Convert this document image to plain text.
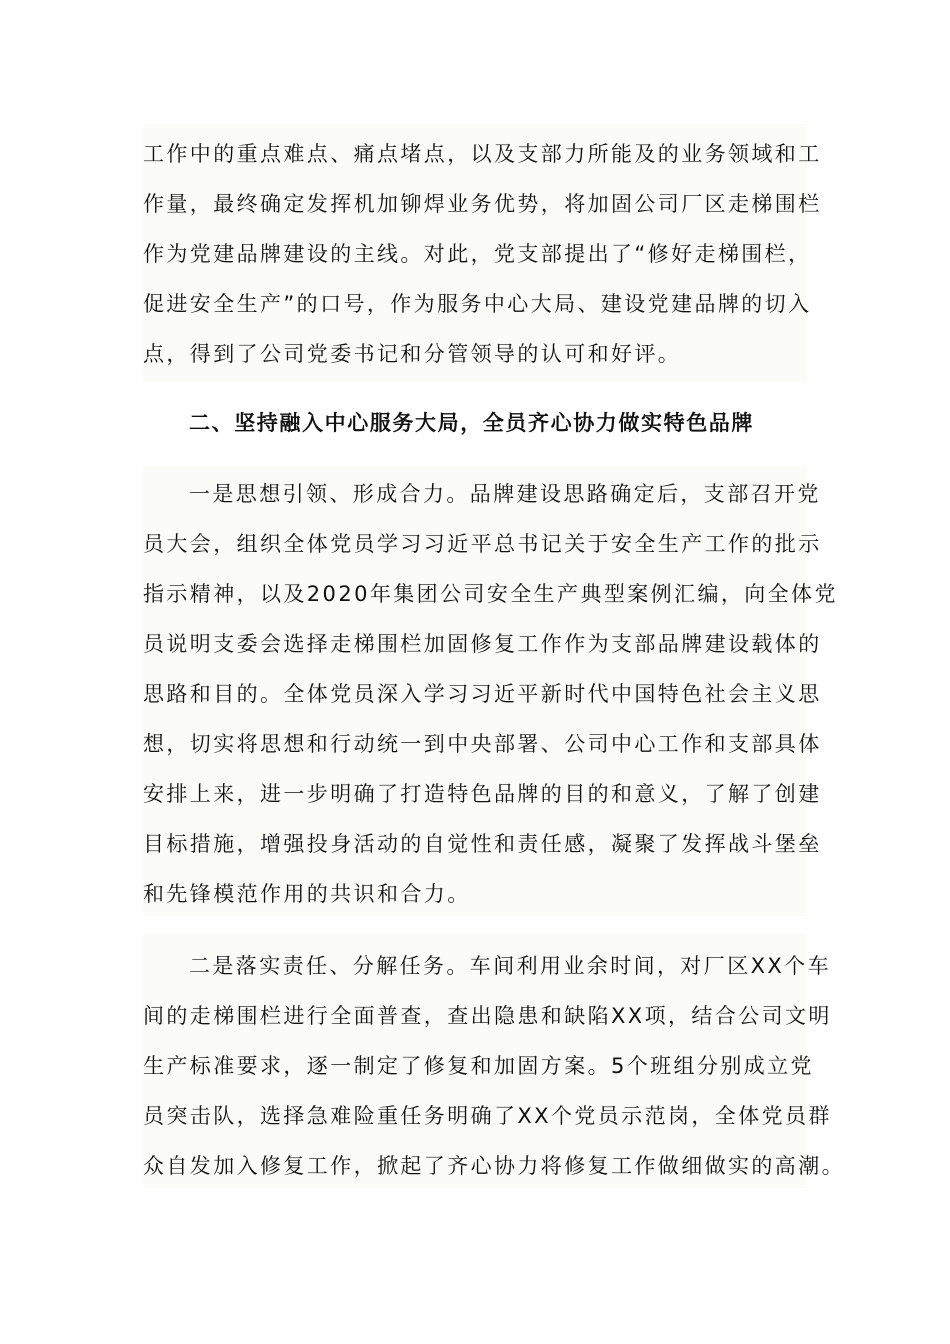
工作中的重点难点、痛点堵点，以及支部力所能及的业务领域和工
作量，最终确定发挥机加铆焊业务优势，将加固公司厂区走梯围栏
作为党建品牌建设的主线。对此，党支部提出了“修好走梯围栏，
促进安全生产”的口号，作为服务中心大局、建设党建品牌的切入
点，得到了公司党委书记和分管领导的认可和好评。
二、坚持融入中心服务大局，全员齐心协力做实特色品牌
一是思想引领、形成合力。品牌建设思路确定后，支部召开党
员大会，组织全体党员学习习近平总书记关于安全生产工作的批示
指示精神，以及2020年集团公司安全生产典型案例汇编，向全体党
员说明支委会选择走梯围栏加固修复工作作为支部品牌建设载体的
思路和目的。全体党员深入学习习近平新时代中国特色社会主义思
想，切实将思想和行动统一到中央部署、公司中心工作和支部具体
安排上来，进一步明确了打造特色品牌的目的和意义，了解了创建
目标措施，增强投身活动的自觉性和责任感，凝聚了发挥战斗堡垒
和先锋模范作用的共识和合力。
二是落实责任、分解任务。车间利用业余时间，对厂区XX个车
间的走梯围栏进行全面普查，查出隐患和缺陷XX项，结合公司文明
生产标准要求，逐一制定了修复和加固方案。5个班组分别成立党
员突击队，选择急难险重任务明确了XX个党员示范岗，全体党员群
众自发加入修复工作，掀起了齐心协力将修复工作做细做实的高潮。
